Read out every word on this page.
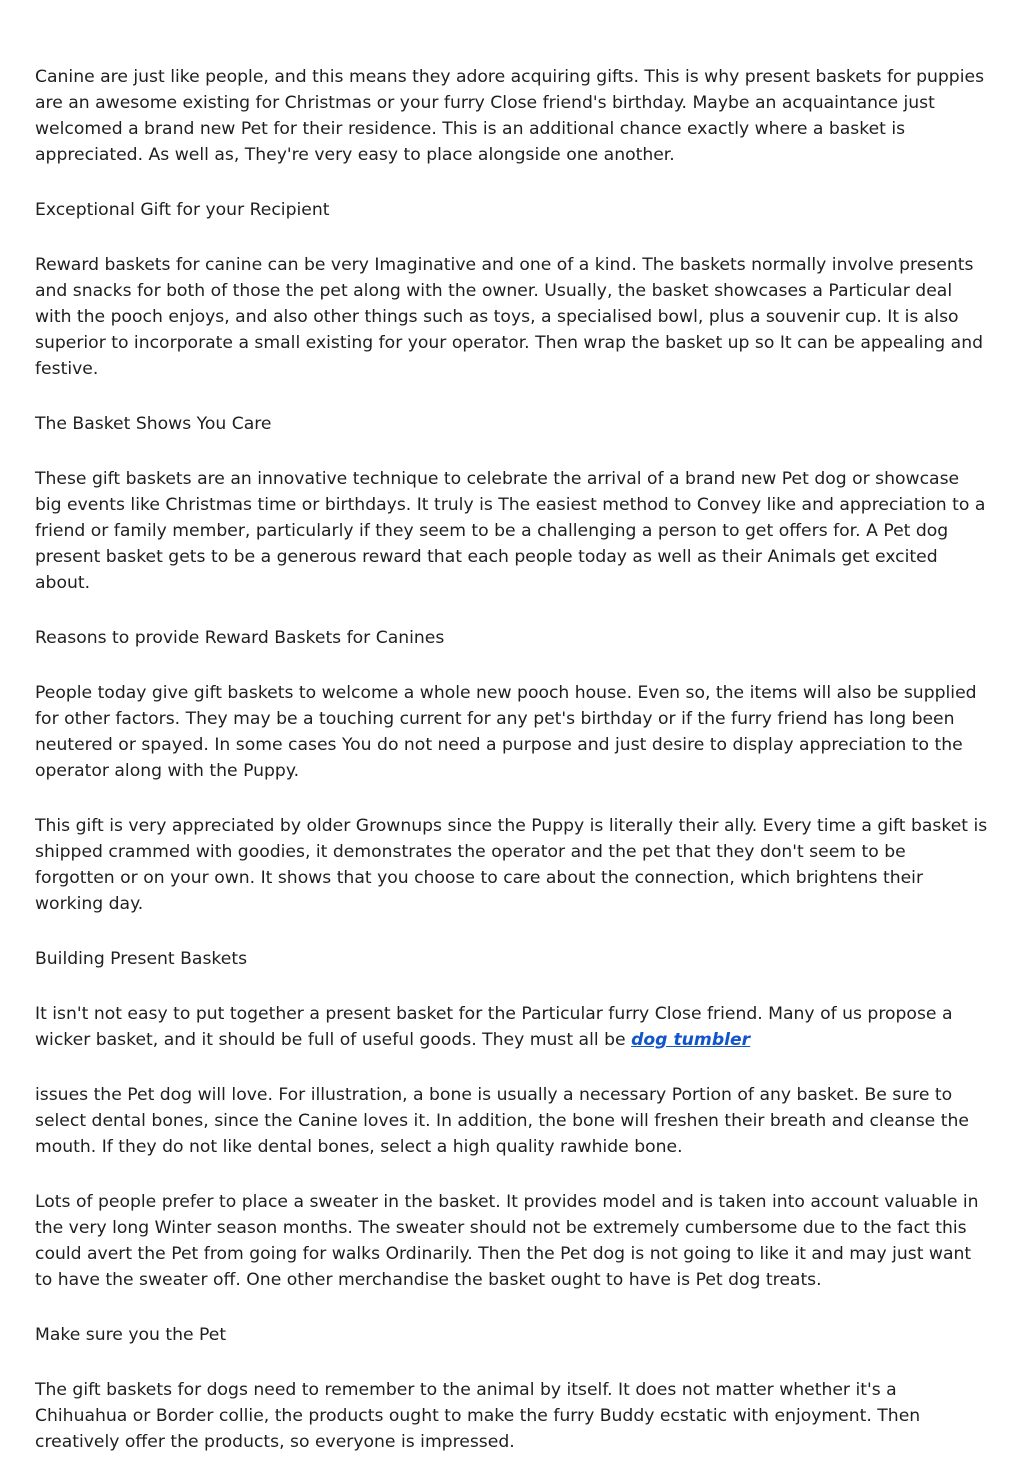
Canine are just like people, and this means they adore acquiring gifts. This is why present baskets for puppies are an awesome existing for Christmas or your furry Close friend's birthday. Maybe an acquaintance just welcomed a brand new Pet for their residence. This is an additional chance exactly where a basket is appreciated. As well as, They're very easy to place alongside one another.

Exceptional Gift for your Recipient

Reward baskets for canine can be very Imaginative and one of a kind. The baskets normally involve presents and snacks for both of those the pet along with the owner. Usually, the basket showcases a Particular deal with the pooch enjoys, and also other things such as toys, a specialised bowl, plus a souvenir cup. It is also superior to incorporate a small existing for your operator. Then wrap the basket up so It can be appealing and festive.

The Basket Shows You Care

These gift baskets are an innovative technique to celebrate the arrival of a brand new Pet dog or showcase big events like Christmas time or birthdays. It truly is The easiest method to Convey like and appreciation to a friend or family member, particularly if they seem to be a challenging a person to get offers for. A Pet dog present basket gets to be a generous reward that each people today as well as their Animals get excited about.

Reasons to provide Reward Baskets for Canines

People today give gift baskets to welcome a whole new pooch house. Even so, the items will also be supplied for other factors. They may be a touching current for any pet's birthday or if the furry friend has long been neutered or spayed. In some cases You do not need a purpose and just desire to display appreciation to the operator along with the Puppy.

This gift is very appreciated by older Grownups since the Puppy is literally their ally. Every time a gift basket is shipped crammed with goodies, it demonstrates the operator and the pet that they don't seem to be forgotten or on your own. It shows that you choose to care about the connection, which brightens their working day.

Building Present Baskets

It isn't not easy to put together a present basket for the Particular furry Close friend. Many of us propose a wicker basket, and it should be full of useful goods. They must all be dog tumbler

issues the Pet dog will love. For illustration, a bone is usually a necessary Portion of any basket. Be sure to select dental bones, since the Canine loves it. In addition, the bone will freshen their breath and cleanse the mouth. If they do not like dental bones, select a high quality rawhide bone.

Lots of people prefer to place a sweater in the basket. It provides model and is taken into account valuable in the very long Winter season months. The sweater should not be extremely cumbersome due to the fact this could avert the Pet from going for walks Ordinarily. Then the Pet dog is not going to like it and may just want to have the sweater off. One other merchandise the basket ought to have is Pet dog treats.

Make sure you the Pet

The gift baskets for dogs need to remember to the animal by itself. It does not matter whether it's a Chihuahua or Border collie, the products ought to make the furry Buddy ecstatic with enjoyment. Then creatively offer the products, so everyone is impressed.
